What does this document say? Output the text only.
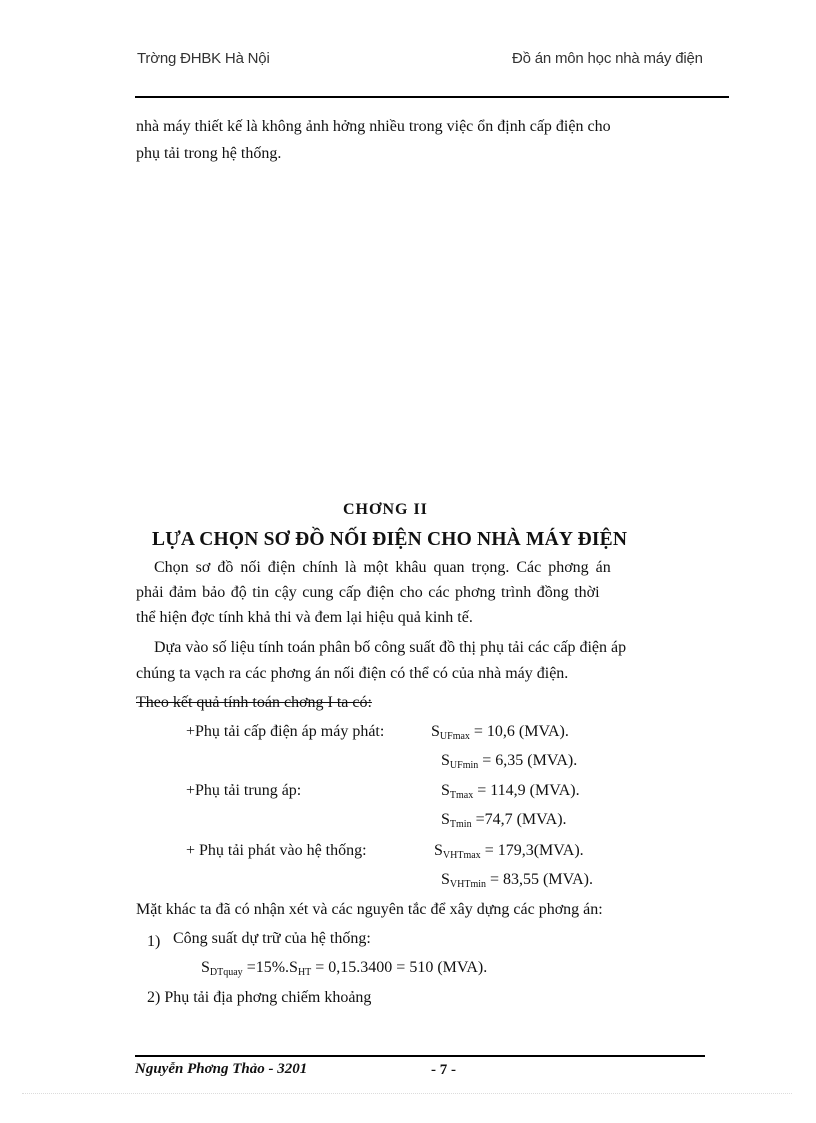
Trờng ĐHBK Hà Nội	Đồ án môn học nhà máy điện
nhà máy thiết kế là không ảnh hởng nhiều trong việc ổn định cấp điện cho
phụ tải trong hệ thống.
CHƠNG II
LỰA CHỌN SƠ ĐỒ NỐI ĐIỆN CHO NHÀ MÁY ĐIỆN
Chọn sơ đồ nối điện chính là một khâu quan trọng. Các phơng án
phải đảm bảo độ tin cậy cung cấp điện cho các phơng trình đồng thời
thể hiện đợc tính khả thi và đem lại hiệu quả kinh tế.
Dựa vào số liệu tính toán phân bố công suất đồ thị phụ tải các cấp điện áp
chúng ta vạch ra các phơng án nối điện có thể có của nhà máy điện.
Theo kết quả tính toán chơng I ta có:
+Phụ tải cấp điện áp máy phát:	$S_{UFmax} = 10,6$ (MVA).
$S_{UFmin} = 6,35$ (MVA).
+Phụ tải trung áp:	$S_{Tmax} = 114,9$ (MVA).
$S_{Tmin} =74,7$ (MVA).
+ Phụ tải phát vào hệ thống:	$S_{VHTmax} = 179,3(MVA)$.
$S_{VHTmin} = 83,55$ (MVA).
Mặt khác ta đã có nhận xét và các nguyên tắc để xây dựng các phơng án:
1) Công suất dự trữ của hệ thống:
$S_{DTquay} =15\%.S_{HT} = 0,15.3400 = 510$ (MVA).
2) Phụ tải địa phơng chiếm khoảng
Nguyễn Phơng Thảo - 3201	- 7 -
